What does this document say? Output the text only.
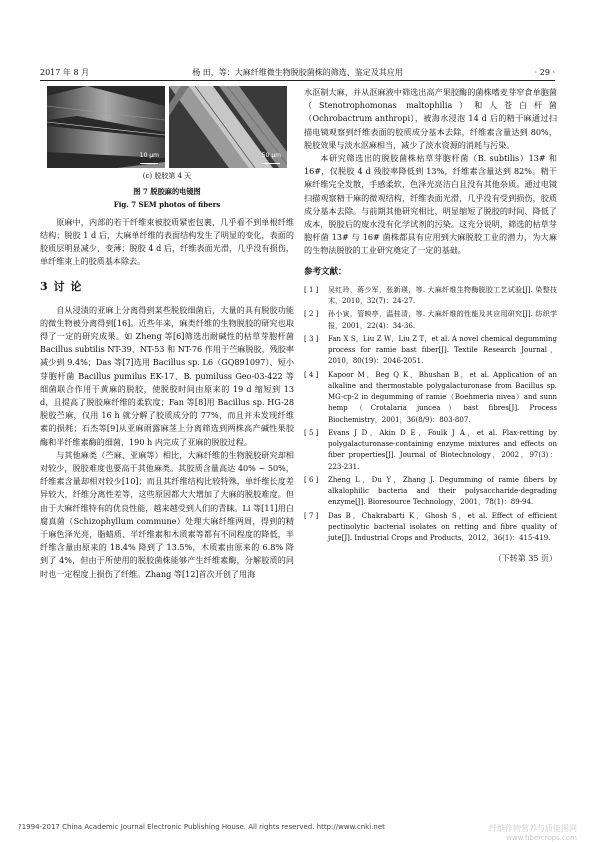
2017 年 8 月	杨 田，等：大麻纤维微生物脱胶菌株的筛选、鉴定及其应用	· 29 ·
10 μm	50 μm
(c) 脱胶第 4 天
图 7 脱胶麻的电镜图
Fig. 7 SEM photos of fibers

原麻中，内部的若干纤维束被胶质紧密包裹，几乎看不到单根纤维结构；脱胶 1 d 后，大麻单纤维的表面结构发生了明显的变化，表面的胶质层明显减少、变薄；脱胶 4 d 后，纤维表面光滑，几乎没有损伤，单纤维束上的胶质基本除去。

3 讨 论

自从浸渍的亚麻上分离得到某些脱胶细菌后，大量的具有脱胶功能的微生物被分离得到[16]。近些年来，麻类纤维的生物脱胶的研究也取得了一定的研究成果。如 Zheng 等[6]筛选出耐碱性的枯草芽胞杆菌 Bacillus subtilis NT-39、NT-53 和 NT-76 作用于苎麻脱胶，残胶率减少到 9.4%；Das 等[7]选用 Bacillus sp. L6（GQ891097）、短小芽胞杆菌 Bacillus pumilus EK-17、B. pumiluss Geo-03-422 等细菌联合作用于黄麻的脱胶，使脱胶时间由原来的 19 d 缩短到 13 d，且提高了脱胶麻纤维的柔软度；Fan 等[8]用 Bacillus sp. HG-28 脱胶苎麻，仅用 16 h 就分解了胶质成分的 77%，而且并未发现纤维素的损耗；石杰等[9]从亚麻雨露麻茎上分离筛选到两株高产碱性果胶酶和半纤维素酶的细菌，190 h 内完成了亚麻的脱胶过程。

与其他麻类（苎麻、亚麻等）相比，大麻纤维的生物脱胶研究却相对较少，脱胶难度也要高于其他麻类。其胶质含量高达 40% ~ 50%，纤维素含量却相对较少[10]；而且其纤维结构比较特殊，单纤维长度差异较大，纤维分离性差等，这些原因都大大增加了大麻的脱胶难度。但由于大麻纤维特有的优良性能，越来越受到人们的青睐。Li 等[11]用白腐真菌（Schizophyllum commune）处理大麻纤维两周，得到的精干麻色泽光亮，脂蜡质、半纤维素和木质素等都有不同程度的降低，半纤维含量由原来的 18.4% 降到了 13.5%，木质素由原来的 6.8% 降到了 4%，但由于所使用的脱胶菌株能够产生纤维素酶，分解胶质的同时也一定程度上损伤了纤维。Zhang 等[12]首次开创了用海

水沤制大麻，并从沤麻液中筛选出高产果胶酶的菌株嗜麦芽窄食单胞菌（Stenotrophomonas maltophilia）和人苍白杆菌（Ochrobactrum anthropi），被海水浸泡 14 d 后的精干麻通过扫描电镜观察到纤维表面的胶质成分基本去除，纤维素含量达到 80%，脱胶效果与淡水沤麻相当，减少了淡水资源的消耗与污染。

本研究筛选出的脱胶菌株枯草芽胞杆菌（B. subtilis）13# 和 16#，仅脱胶 4 d 残胶率降低到 13%，纤维素含量达到 82%。精干麻纤维完全发散，手感柔软，色泽光亮洁白且没有其他杂质。通过电镜扫描观察精干麻的微观结构，纤维表面光滑，几乎没有受到损伤，胶质成分基本去除。与前期其他研究相比，明显缩短了脱胶的时间、降低了成本，脱胶后的废水没有化学试剂的污染。这充分说明，筛选的枯草芽胞杆菌 13# 与 16# 菌株都具有应用到大麻脱胶工业的潜力，为大麻的生物法脱胶的工业研究奠定了一定的基础。

参考文献：
[ 1 ]	吴红玲，蒋少军，张新瑛，等. 大麻纤维生物酶脱胶工艺试验[J]. 染整技术，2010，32(7)：24-27.
[ 2 ]	孙小寅，管映亭，温桂清，等. 大麻纤维的性能及其应用研究[J]. 纺织学报，2001，22(4)：34-36.
[ 3 ]	Fan X S，Liu Z W，Liu Z T，et al. A novel chemical degumming process for ramie bast fiber[J]. Textile Research Journal，2010，80(19)：2046-2051.
[ 4 ]	Kapoor M，Beg Q K，Bhushan B，et al. Application of an alkaline and thermostable polygalacturonase from Bacillus sp. MG-cp-2 in degumming of ramie（Boehmeria nivea）and sunn hemp（Crotalaria juncea）bast fibres[J]. Process Biochemistry，2001，36(8/9)：803-807.
[ 5 ]	Evans J D，Akin D E，Foulk J A，et al. Flax-retting by polygalacturonase-containing enzyme mixtures and effects on fiber properties[J]. Journal of Biotechnology，2002，97(3)：223-231.
[ 6 ]	Zheng L，Du Y，Zhang J. Degumming of ramie fibers by alkalophilic bacteria and their polysaccharide-degrading enzyme[J]. Bioresource Technology，2001，78(1)：89-94.
[ 7 ]	Das B，Chakrabarti K，Ghosh S，et al. Effect of efficient pectinolytic bacterial isolates on retting and fibre quality of jute[J]. Industrial Crops and Products，2012，36(1)：415-419.
（下转第 35 页）
?1994-2017 China Academic Journal Electronic Publishing House. All rights reserved. http://www.cnki.net	纤维作物营养与质能图网
www.fibercrops.com
